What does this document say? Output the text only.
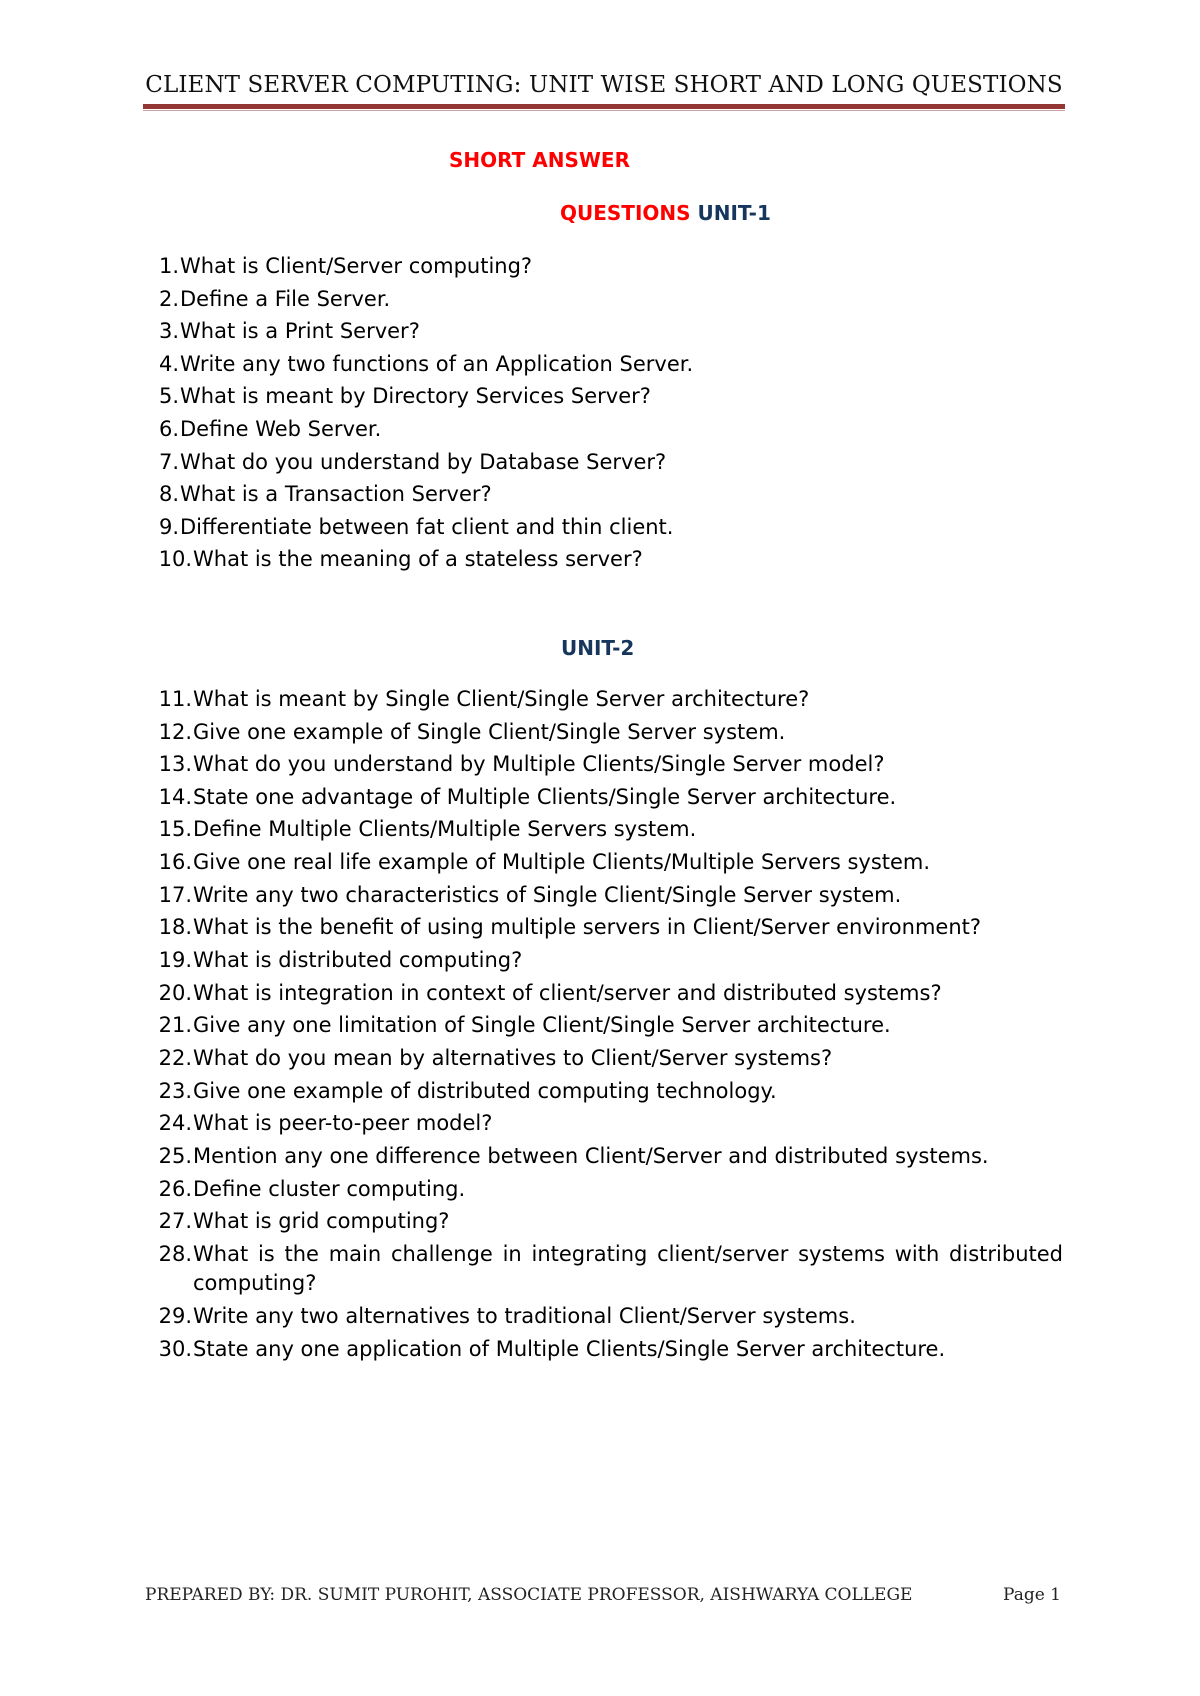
CLIENT SERVER COMPUTING: UNIT WISE SHORT AND LONG QUESTIONS
SHORT ANSWER
QUESTIONS UNIT-1
1. What is Client/Server computing?
2. Define a File Server.
3. What is a Print Server?
4. Write any two functions of an Application Server.
5. What is meant by Directory Services Server?
6. Define Web Server.
7. What do you understand by Database Server?
8. What is a Transaction Server?
9. Differentiate between fat client and thin client.
10. What is the meaning of a stateless server?
UNIT-2
11. What is meant by Single Client/Single Server architecture?
12. Give one example of Single Client/Single Server system.
13. What do you understand by Multiple Clients/Single Server model?
14. State one advantage of Multiple Clients/Single Server architecture.
15. Define Multiple Clients/Multiple Servers system.
16. Give one real life example of Multiple Clients/Multiple Servers system.
17. Write any two characteristics of Single Client/Single Server system.
18. What is the benefit of using multiple servers in Client/Server environment?
19. What is distributed computing?
20. What is integration in context of client/server and distributed systems?
21. Give any one limitation of Single Client/Single Server architecture.
22. What do you mean by alternatives to Client/Server systems?
23. Give one example of distributed computing technology.
24. What is peer-to-peer model?
25. Mention any one difference between Client/Server and distributed systems.
26. Define cluster computing.
27. What is grid computing?
28. What is the main challenge in integrating client/server systems with distributed computing?
29. Write any two alternatives to traditional Client/Server systems.
30. State any one application of Multiple Clients/Single Server architecture.
PREPARED BY: DR. SUMIT PUROHIT, ASSOCIATE PROFESSOR, AISHWARYA COLLEGE	Page 1
